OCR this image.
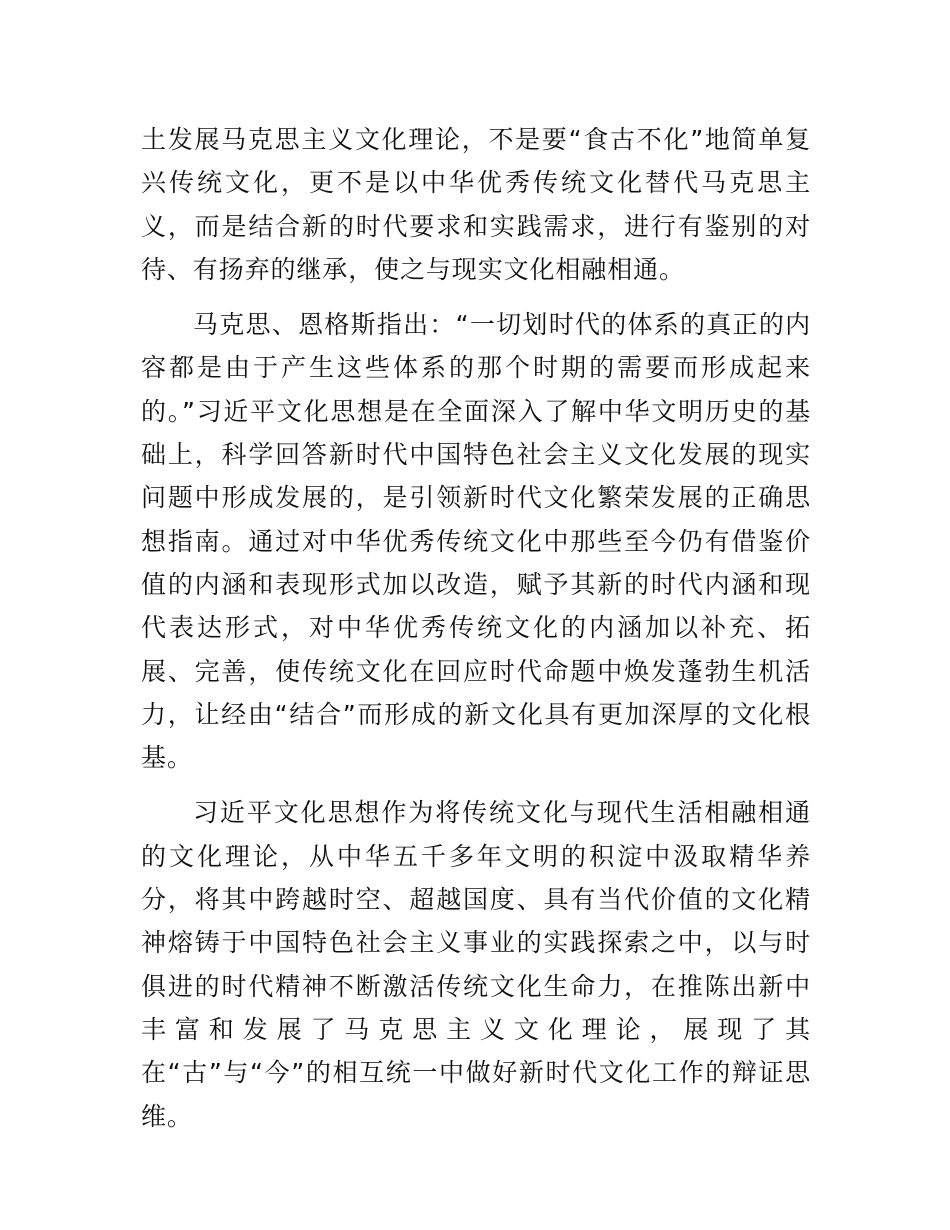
土发展马克思主义文化理论，不是要“食古不化”地简单复兴传统文化，更不是以中华优秀传统文化替代马克思主义，而是结合新的时代要求和实践需求，进行有鉴别的对待、有扬弃的继承，使之与现实文化相融相通。

马克思、恩格斯指出：“一切划时代的体系的真正的内容都是由于产生这些体系的那个时期的需要而形成起来的。”习近平文化思想是在全面深入了解中华文明历史的基础上，科学回答新时代中国特色社会主义文化发展的现实问题中形成发展的，是引领新时代文化繁荣发展的正确思想指南。通过对中华优秀传统文化中那些至今仍有借鉴价值的内涵和表现形式加以改造，赋予其新的时代内涵和现代表达形式，对中华优秀传统文化的内涵加以补充、拓展、完善，使传统文化在回应时代命题中焕发蓬勃生机活力，让经由“结合”而形成的新文化具有更加深厚的文化根基。

习近平文化思想作为将传统文化与现代生活相融相通的文化理论，从中华五千多年文明的积淀中汲取精华养分，将其中跨越时空、超越国度、具有当代价值的文化精神熔铸于中国特色社会主义事业的实践探索之中，以与时俱进的时代精神不断激活传统文化生命力，在推陈出新中丰富和发展了马克思主义文化理论，展现了其在“古”与“今”的相互统一中做好新时代文化工作的辩证思维。
